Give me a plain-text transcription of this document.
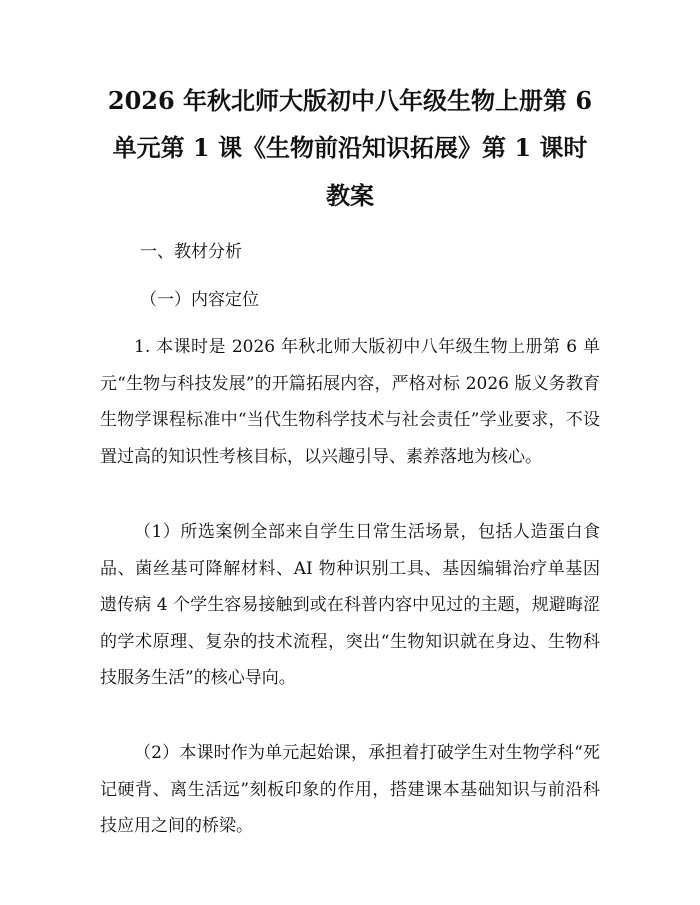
2026 年秋北师大版初中八年级生物上册第 6
单元第 1 课《生物前沿知识拓展》第 1 课时
教案
一、教材分析
（一）内容定位

1. 本课时是 2026 年秋北师大版初中八年级生物上册第 6 单元“生物与科技发展”的开篇拓展内容，严格对标 2026 版义务教育生物学课程标准中“当代生物科学技术与社会责任”学业要求，不设置过高的知识性考核目标，以兴趣引导、素养落地为核心。

（1）所选案例全部来自学生日常生活场景，包括人造蛋白食品、菌丝基可降解材料、AI 物种识别工具、基因编辑治疗单基因遗传病 4 个学生容易接触到或在科普内容中见过的主题，规避晦涩的学术原理、复杂的技术流程，突出“生物知识就在身边、生物科技服务生活”的核心导向。

（2）本课时作为单元起始课，承担着打破学生对生物学科“死记硬背、离生活远”刻板印象的作用，搭建课本基础知识与前沿科技应用之间的桥梁。
